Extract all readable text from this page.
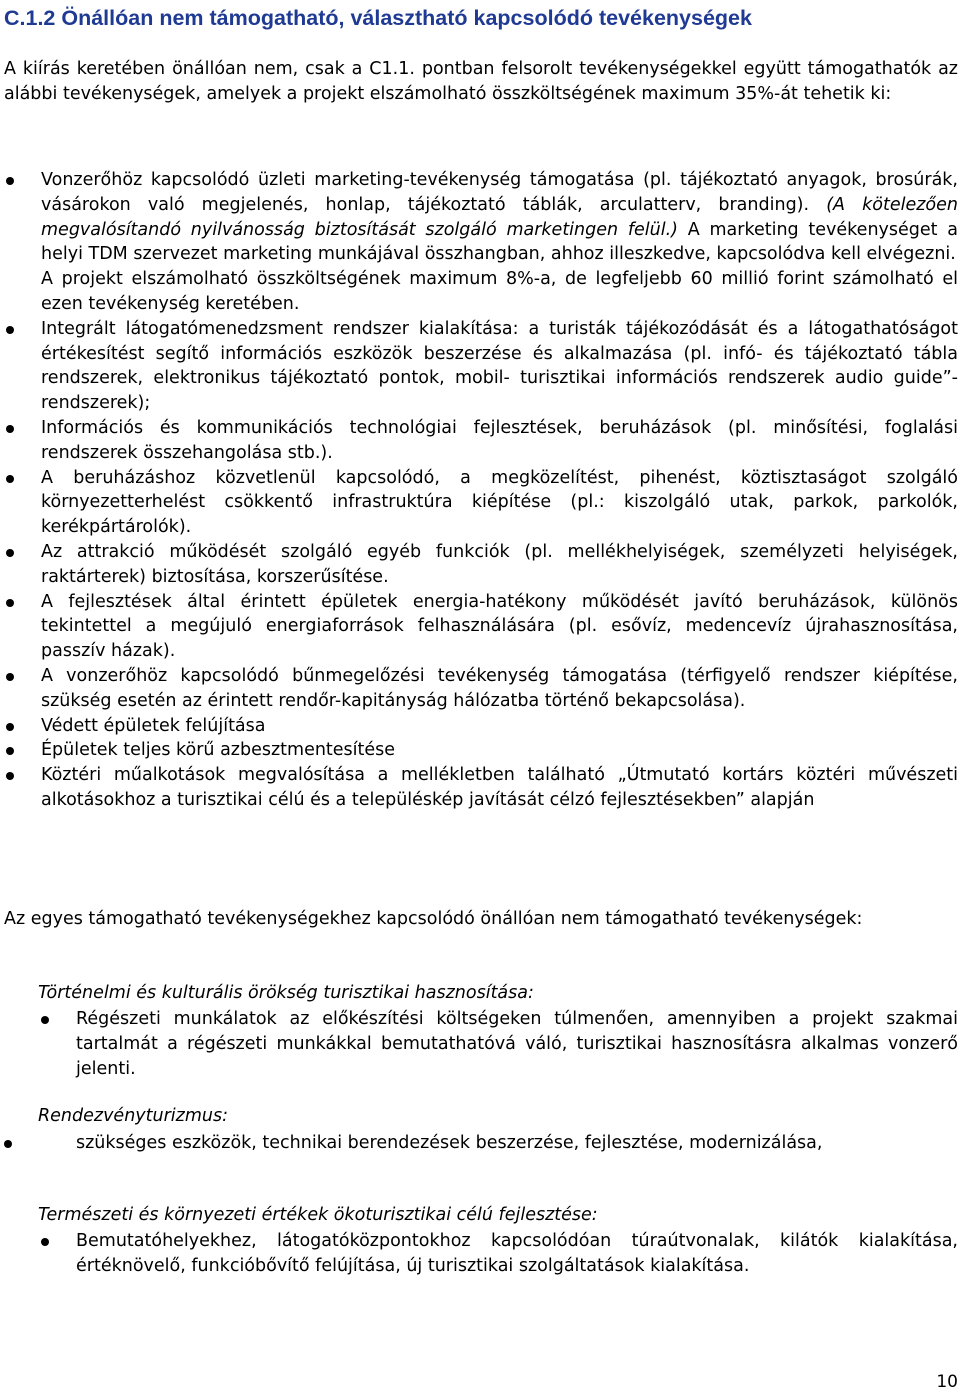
C.1.2 Önállóan nem támogatható, választható kapcsolódó tevékenységek

A kiírás keretében önállóan nem, csak a C1.1. pontban felsorolt tevékenységekkel együtt támogathatók az alábbi tevékenységek, amelyek a projekt elszámolható összköltségének maximum 35%-át tehetik ki:

Vonzerőhöz kapcsolódó üzleti marketing-tevékenység támogatása (pl. tájékoztató anyagok, brosúrák, vásárokon való megjelenés, honlap, tájékoztató táblák, arculatterv, branding). (A kötelezően megvalósítandó nyilvánosság biztosítását szolgáló marketingen felül.) A marketing tevékenységet a helyi TDM szervezet marketing munkájával összhangban, ahhoz illeszkedve, kapcsolódva kell elvégezni.

A projekt elszámolható összköltségének maximum 8%-a, de legfeljebb 60 millió forint számolható el ezen tevékenység keretében.

Integrált látogatómenedzsment rendszer kialakítása: a turisták tájékozódását és a látogathatóságot értékesítést segítő információs eszközök beszerzése és alkalmazása (pl. infó- és tájékoztató tábla rendszerek, elektronikus tájékoztató pontok, mobil- turisztikai információs rendszerek audio guide”-rendszerek);

Információs és kommunikációs technológiai fejlesztések, beruházások (pl. minősítési, foglalási rendszerek összehangolása stb.).

A beruházáshoz közvetlenül kapcsolódó, a megközelítést, pihenést, köztisztaságot szolgáló környezetterhelést csökkentő infrastruktúra kiépítése (pl.: kiszolgáló utak, parkok, parkolók, kerékpártárolók).

Az attrakció működését szolgáló egyéb funkciók (pl. mellékhelyiségek, személyzeti helyiségek, raktárterek) biztosítása, korszerűsítése.

A fejlesztések által érintett épületek energia-hatékony működését javító beruházások, különös tekintettel a megújuló energiaforrások felhasználására (pl. esővíz, medencevíz újrahasznosítása, passzív házak).

A vonzerőhöz kapcsolódó bűnmegelőzési tevékenység támogatása (térfigyelő rendszer kiépítése, szükség esetén az érintett rendőr-kapitányság hálózatba történő bekapcsolása).

Védett épületek felújítása

Épületek teljes körű azbesztmentesítése

Köztéri műalkotások megvalósítása a mellékletben található „Útmutató kortárs köztéri művészeti alkotásokhoz a turisztikai célú és a településkép javítását célzó fejlesztésekben” alapján

Az egyes támogatható tevékenységekhez kapcsolódó önállóan nem támogatható tevékenységek:

Történelmi és kulturális örökség turisztikai hasznosítása:

Régészeti munkálatok az előkészítési költségeken túlmenően, amennyiben a projekt szakmai tartalmát a régészeti munkákkal bemutathatóvá váló, turisztikai hasznosításra alkalmas vonzerő jelenti.

Rendezvényturizmus:

szükséges eszközök, technikai berendezések beszerzése, fejlesztése, modernizálása,

Természeti és környezeti értékek ökoturisztikai célú fejlesztése:

Bemutatóhelyekhez, látogatóközpontokhoz kapcsolódóan túraútvonalak, kilátók kialakítása, értéknövelő, funkcióbővítő felújítása, új turisztikai szolgáltatások kialakítása.
10
